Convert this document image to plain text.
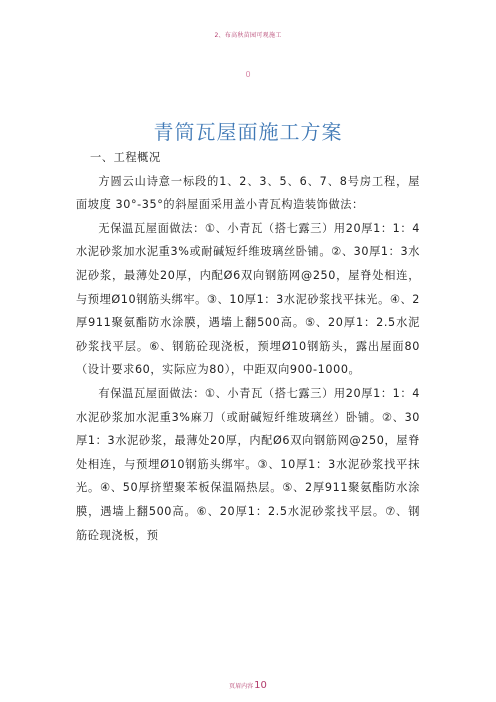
2、布高秋苗园可观施工
0
青筒瓦屋面施工方案

一、工程概况

方圆云山诗意一标段的1、2、3、5、6、7、8号房工程，屋面坡度 30°-35°的斜屋面采用盖小青瓦构造装饰做法：

无保温瓦屋面做法：①、小青瓦（搭七露三）用20厚1：1：4水泥砂浆加水泥重3%或耐碱短纤维玻璃丝卧铺。②、30厚1：3水泥砂浆，最薄处20厚，内配Ø6双向钢筋网@250，屋脊处相连，与预埋Ø10钢筋头绑牢。③、10厚1：3水泥砂浆找平抹光。④、2厚911聚氨酯防水涂膜，遇墙上翻500高。⑤、20厚1：2.5水泥砂浆找平层。⑥、钢筋砼现浇板，预埋Ø10钢筋头，露出屋面80（设计要求60，实际应为80），中距双向900-1000。

有保温瓦屋面做法：①、小青瓦（搭七露三）用20厚1：1：4水泥砂浆加水泥重3%麻刀（或耐碱短纤维玻璃丝）卧铺。②、30厚1：3水泥砂浆，最薄处20厚，内配Ø6双向钢筋网@250，屋脊处相连，与预埋Ø10钢筋头绑牢。③、10厚1：3水泥砂浆找平抹光。④、50厚挤塑聚苯板保温隔热层。⑤、2厚911聚氨酯防水涂膜，遇墙上翻500高。⑥、20厚1：2.5水泥砂浆找平层。⑦、钢筋砼现浇板，预

页眉内容10
